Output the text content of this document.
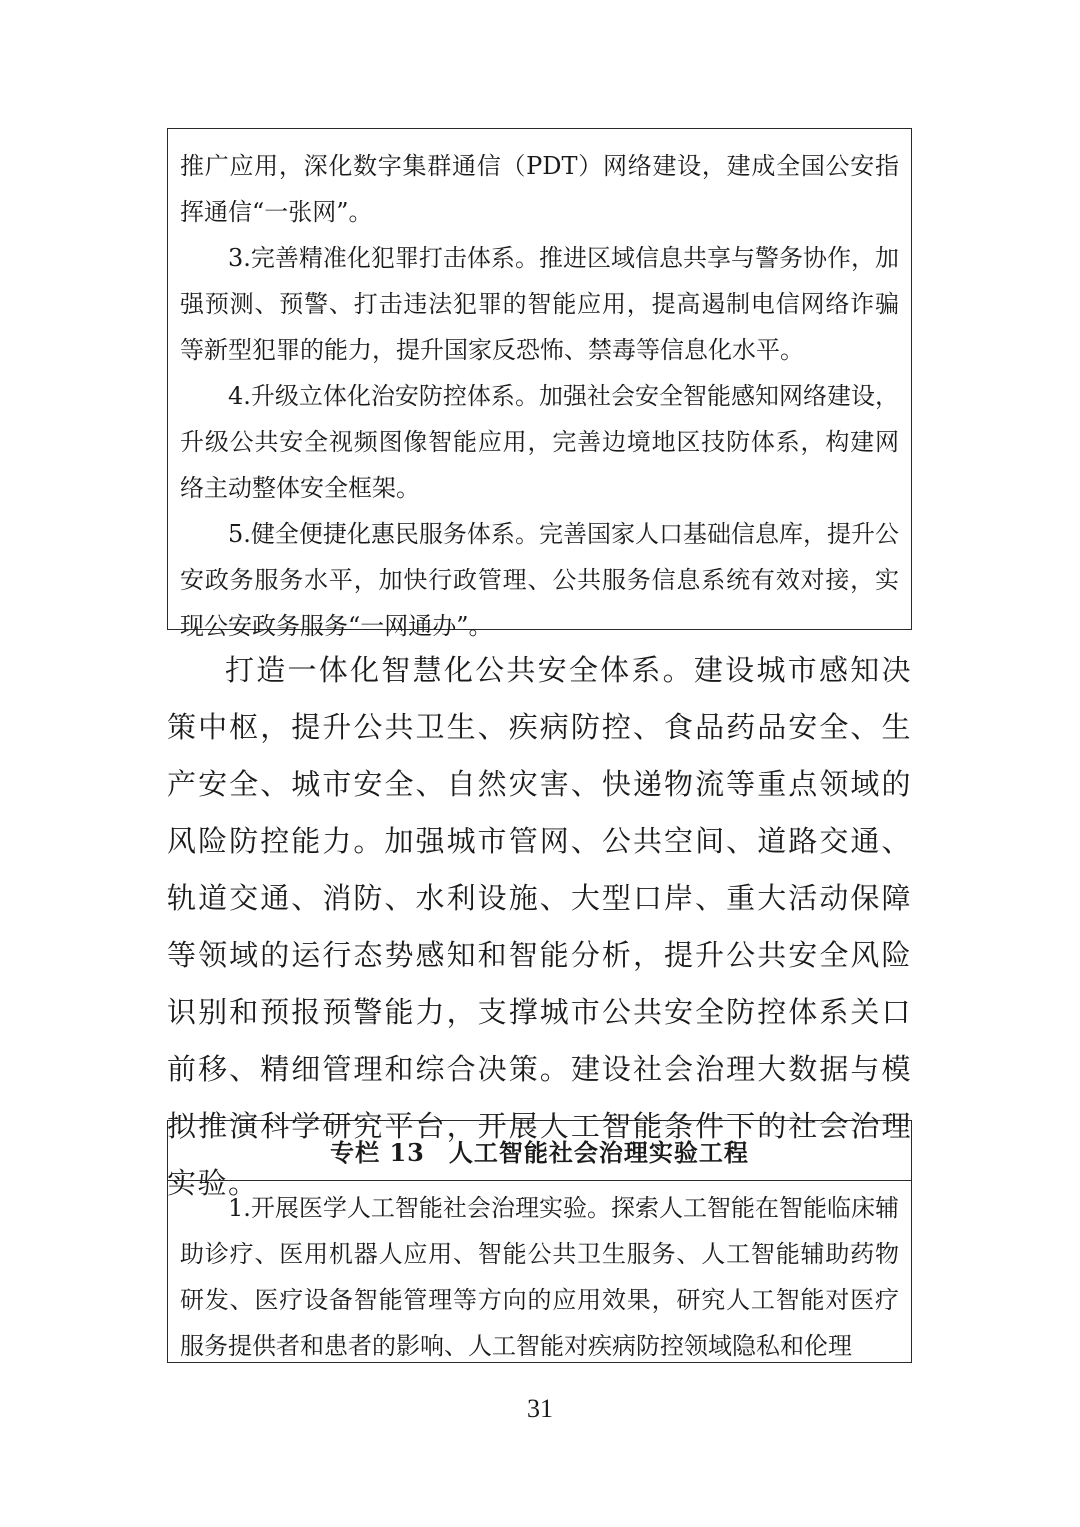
推广应用，深化数字集群通信（PDT）网络建设，建成全国公安指挥通信“一张网”。

3.完善精准化犯罪打击体系。推进区域信息共享与警务协作，加强预测、预警、打击违法犯罪的智能应用，提高遏制电信网络诈骗等新型犯罪的能力，提升国家反恐怖、禁毒等信息化水平。

4.升级立体化治安防控体系。加强社会安全智能感知网络建设，升级公共安全视频图像智能应用，完善边境地区技防体系，构建网络主动整体安全框架。

5.健全便捷化惠民服务体系。完善国家人口基础信息库，提升公安政务服务水平，加快行政管理、公共服务信息系统有效对接，实现公安政务服务“一网通办”。

打造一体化智慧化公共安全体系。建设城市感知决策中枢，提升公共卫生、疾病防控、食品药品安全、生产安全、城市安全、自然灾害、快递物流等重点领域的风险防控能力。加强城市管网、公共空间、道路交通、轨道交通、消防、水利设施、大型口岸、重大活动保障等领域的运行态势感知和智能分析，提升公共安全风险识别和预报预警能力，支撑城市公共安全防控体系关口前移、精细管理和综合决策。建设社会治理大数据与模拟推演科学研究平台，开展人工智能条件下的社会治理实验。

专栏 13 人工智能社会治理实验工程

1.开展医学人工智能社会治理实验。探索人工智能在智能临床辅助诊疗、医用机器人应用、智能公共卫生服务、人工智能辅助药物研发、医疗设备智能管理等方向的应用效果，研究人工智能对医疗服务提供者和患者的影响、人工智能对疾病防控领域隐私和伦理

31
